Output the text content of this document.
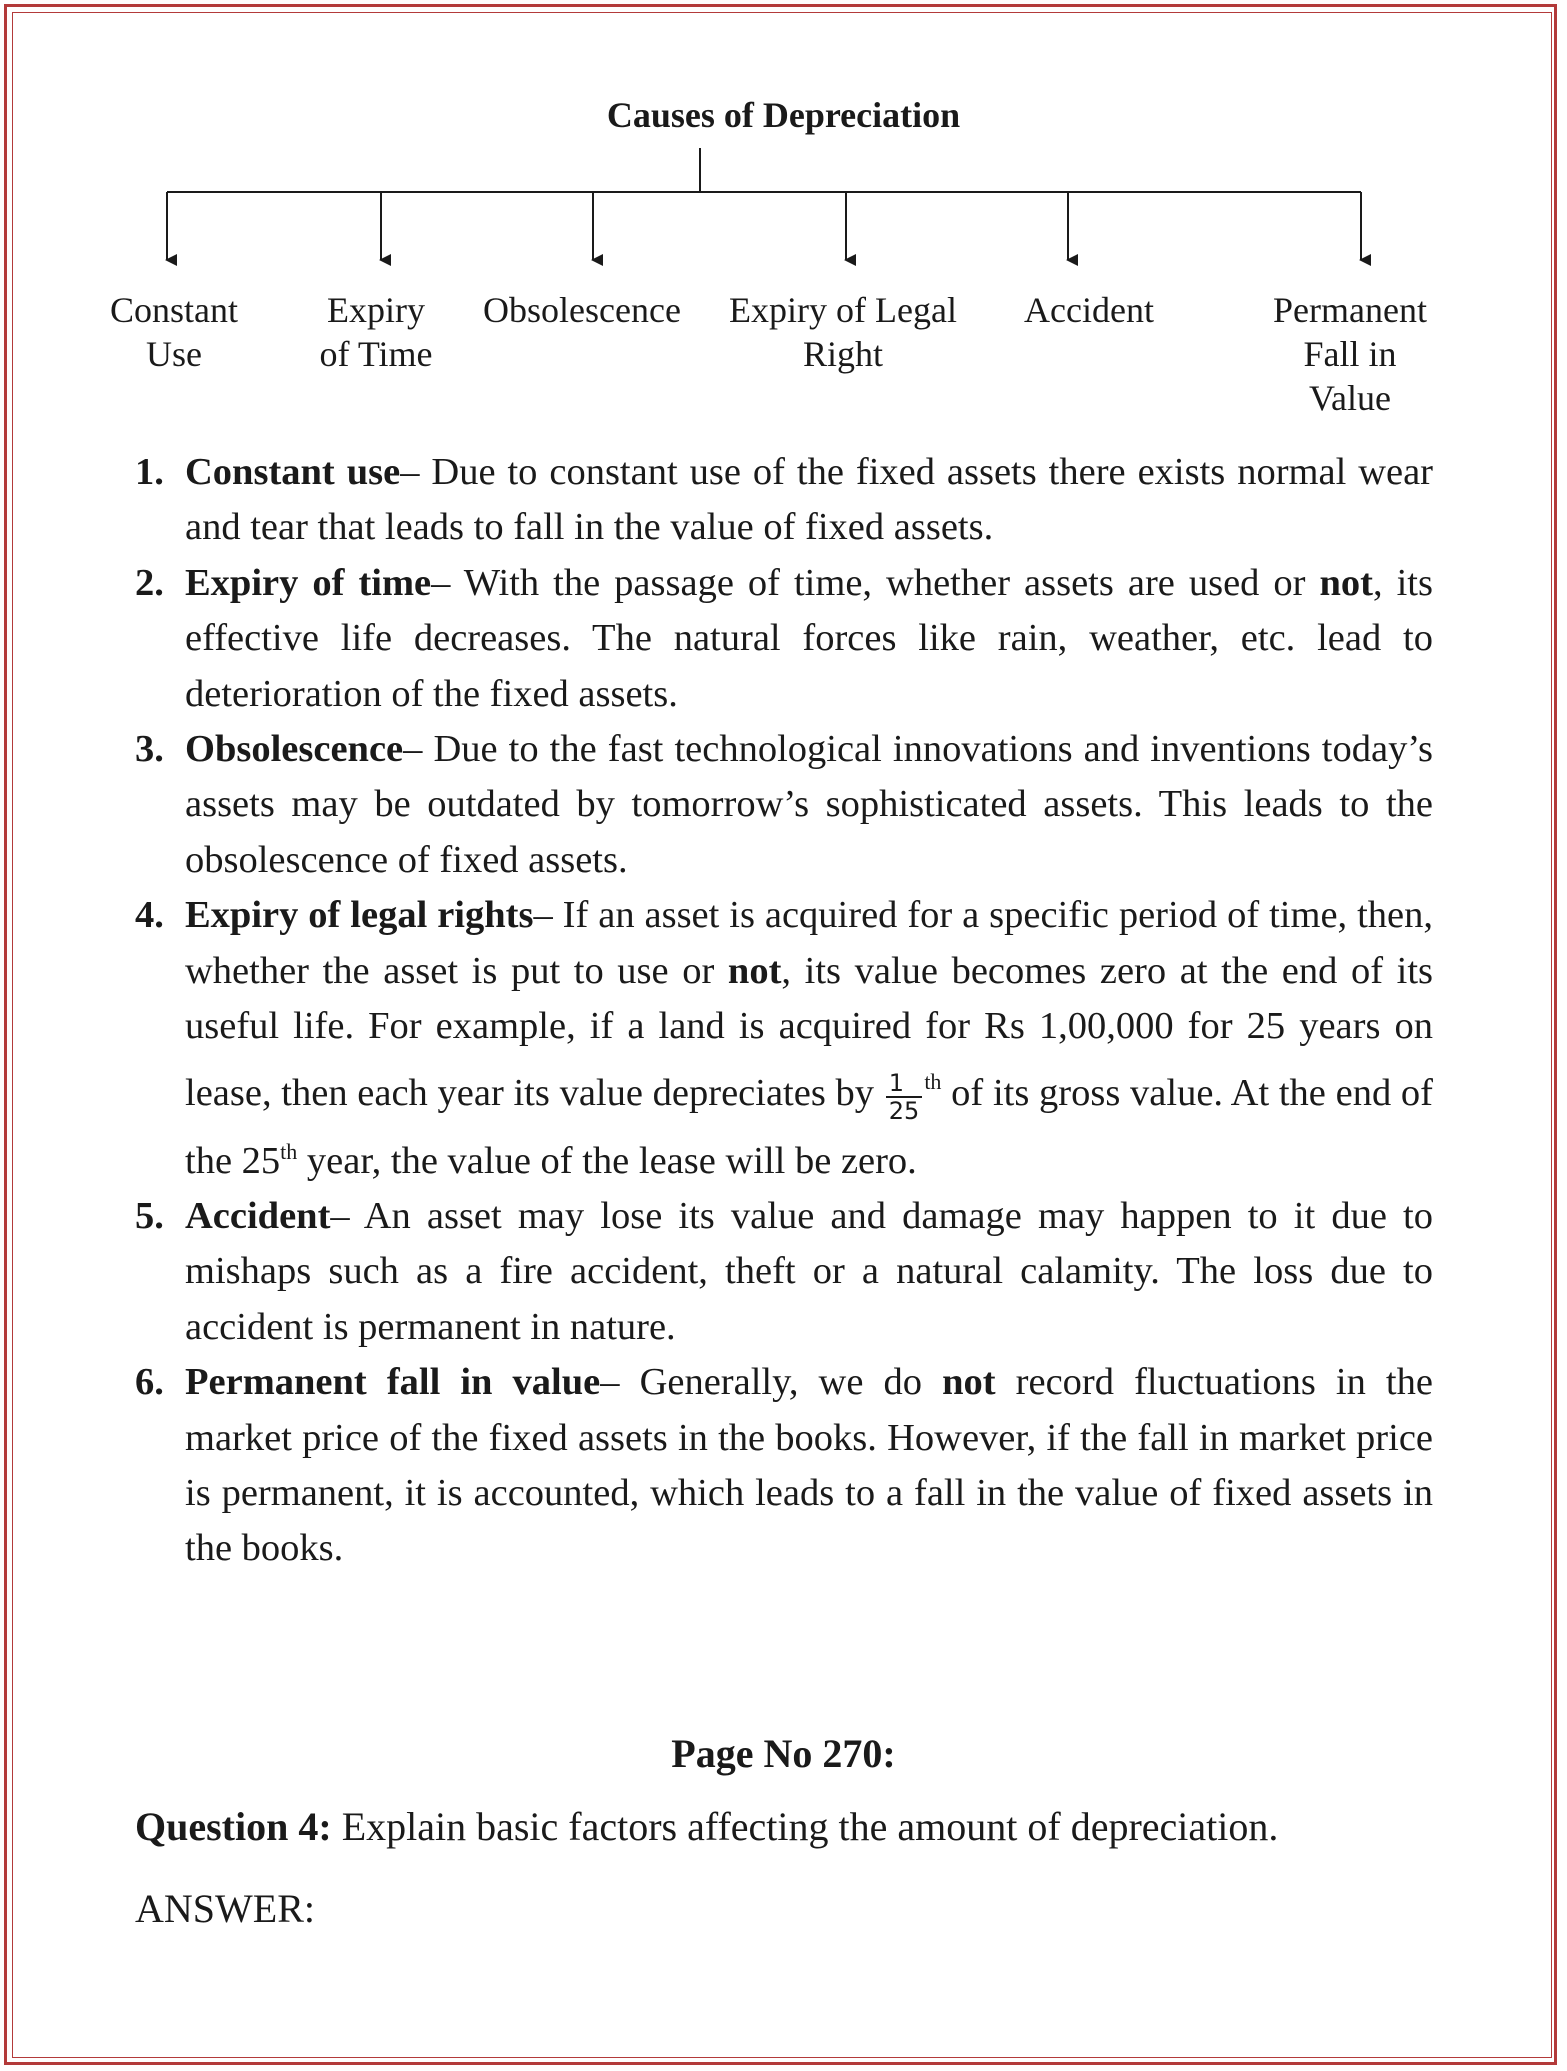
Causes of Depreciation
Constant
Use
Expiry
of Time
Obsolescence Expiry of Legal
Right
Accident	Permanent Fall in
Value
1. Constant use– Due to constant use of the fixed assets there exists normal wear and tear that leads to fall in the value of fixed assets.
2. Expiry of time– With the passage of time, whether assets are used or not, its effective life decreases. The natural forces like rain, weather, etc. lead to deterioration of the fixed assets.
3. Obsolescence– Due to the fast technological innovations and inventions today’s assets may be outdated by tomorrow’s sophisticated assets. This leads to the obsolescence of fixed assets.
4. Expiry of legal rights– If an asset is acquired for a specific period of time, then, whether the asset is put to use or not, its value becomes zero at the end of its useful life. For example, if a land is acquired for Rs 1,00,000 for 25 years on lease, then each year its value depreciates by $\frac{1}{25} ^{th}$ of its gross value. At the end of the 25th year, the value of the lease will be zero.
5. Accident– An asset may lose its value and damage may happen to it due to mishaps such as a fire accident, theft or a natural calamity. The loss due to accident is permanent in nature.
6. Permanent fall in value– Generally, we do not record fluctuations in the market price of the fixed assets in the books. However, if the fall in market price is permanent, it is accounted, which leads to a fall in the value of fixed assets in the books.
Page No 270:
Question 4: Explain basic factors affecting the amount of depreciation.
ANSWER:
